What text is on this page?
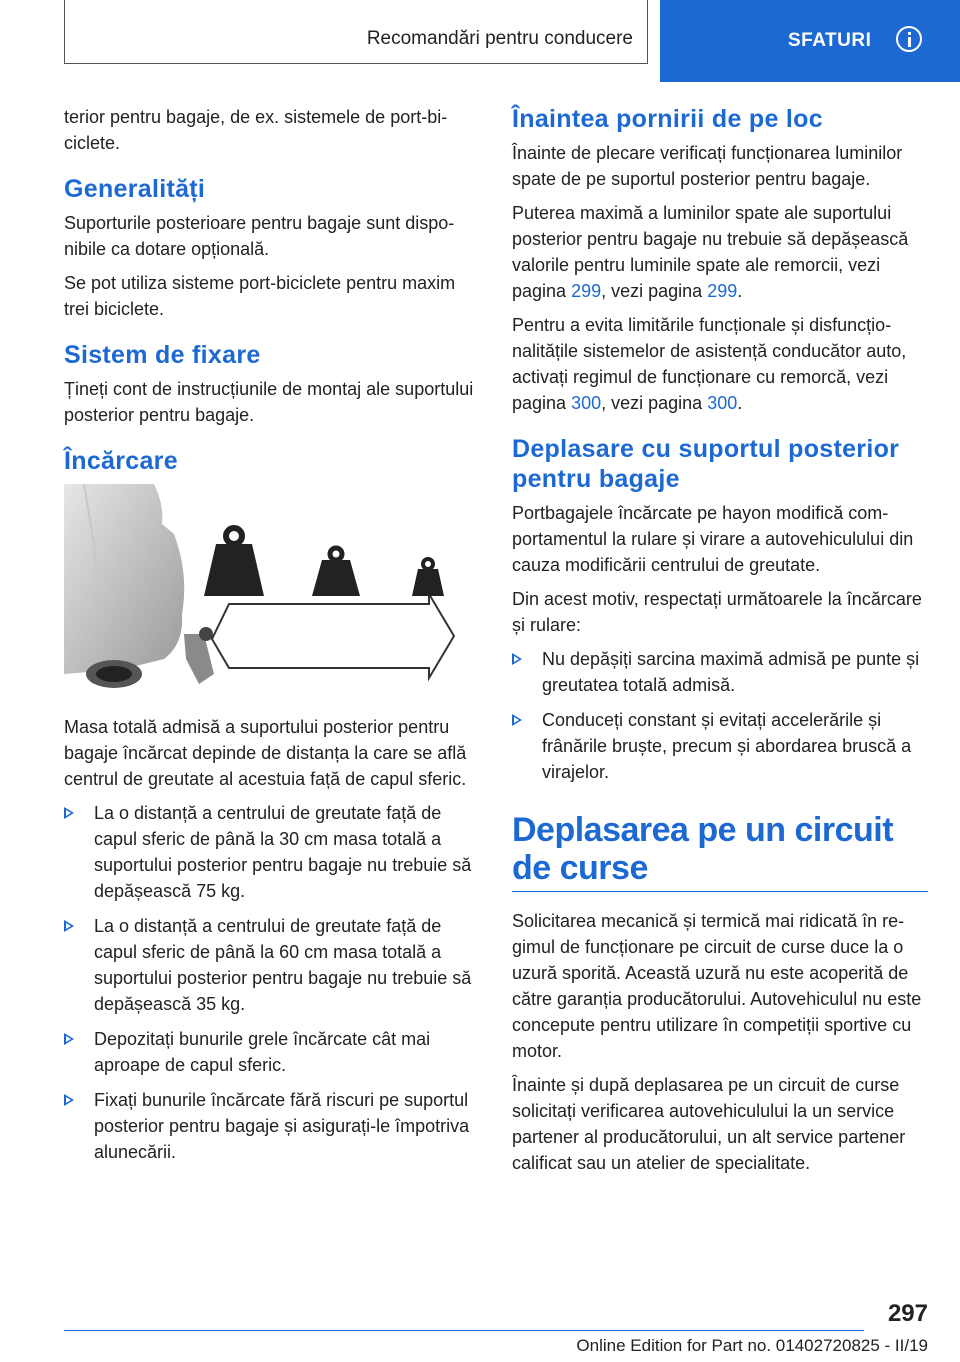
Recomandări pentru conducere	SFATURI

terior pentru bagaje, de ex. sistemele de port-biciclete.

Generalități

Suporturile posterioare pentru bagaje sunt disponibile ca dotare opțională.

Se pot utiliza sisteme port-biciclete pentru maxim trei biciclete.

Sistem de fixare

Țineți cont de instrucțiunile de montaj ale suportului posterior pentru bagaje.

Încărcare

Masa totală admisă a suportului posterior pentru bagaje încărcat depinde de distanța la care se află centrul de greutate al acestuia față de capul sferic.

La o distanță a centrului de greutate față de capul sferic de până la 30 cm masa totală a suportului posterior pentru bagaje nu trebuie să depășească 75 kg.
La o distanță a centrului de greutate față de capul sferic de până la 60 cm masa totală a suportului posterior pentru bagaje nu trebuie să depășească 35 kg.
Depozitați bunurile grele încărcate cât mai aproape de capul sferic.
Fixați bunurile încărcate fără riscuri pe suportul posterior pentru bagaje și asigurați-le împotriva alunecării.
Înaintea pornirii de pe loc

Înainte de plecare verificați funcționarea luminilor spate de pe suportul posterior pentru bagaje.

Puterea maximă a luminilor spate ale suportului posterior pentru bagaje nu trebuie să depășească valorile pentru luminile spate ale remorcii, vezi pagina 299, vezi pagina 299.

Pentru a evita limitările funcționale și disfuncționalitățile sistemelor de asistență conducător auto, activați regimul de funcționare cu remorcă, vezi pagina 300, vezi pagina 300.

Deplasare cu suportul posterior pentru bagaje

Portbagajele încărcate pe hayon modifică comportamentul la rulare și virare a autovehiculului din cauza modificării centrului de greutate.

Din acest motiv, respectați următoarele la încărcare și rulare:

Nu depășiți sarcina maximă admisă pe punte și greutatea totală admisă.
Conduceți constant și evitați accelerările și frânările bruște, precum și abordarea bruscă a virajelor.
Deplasarea pe un circuit de curse

Solicitarea mecanică și termică mai ridicată în regimul de funcționare pe circuit de curse duce la o uzură sporită. Această uzură nu este acoperită de către garanția producătorului. Autovehiculul nu este concepute pentru utilizare în competiții sportive cu motor.

Înainte și după deplasarea pe un circuit de curse solicitați verificarea autovehiculului la un service partener al producătorului, un alt service partener calificat sau un atelier de specialitate.

297
Online Edition for Part no. 01402720825 - II/19
